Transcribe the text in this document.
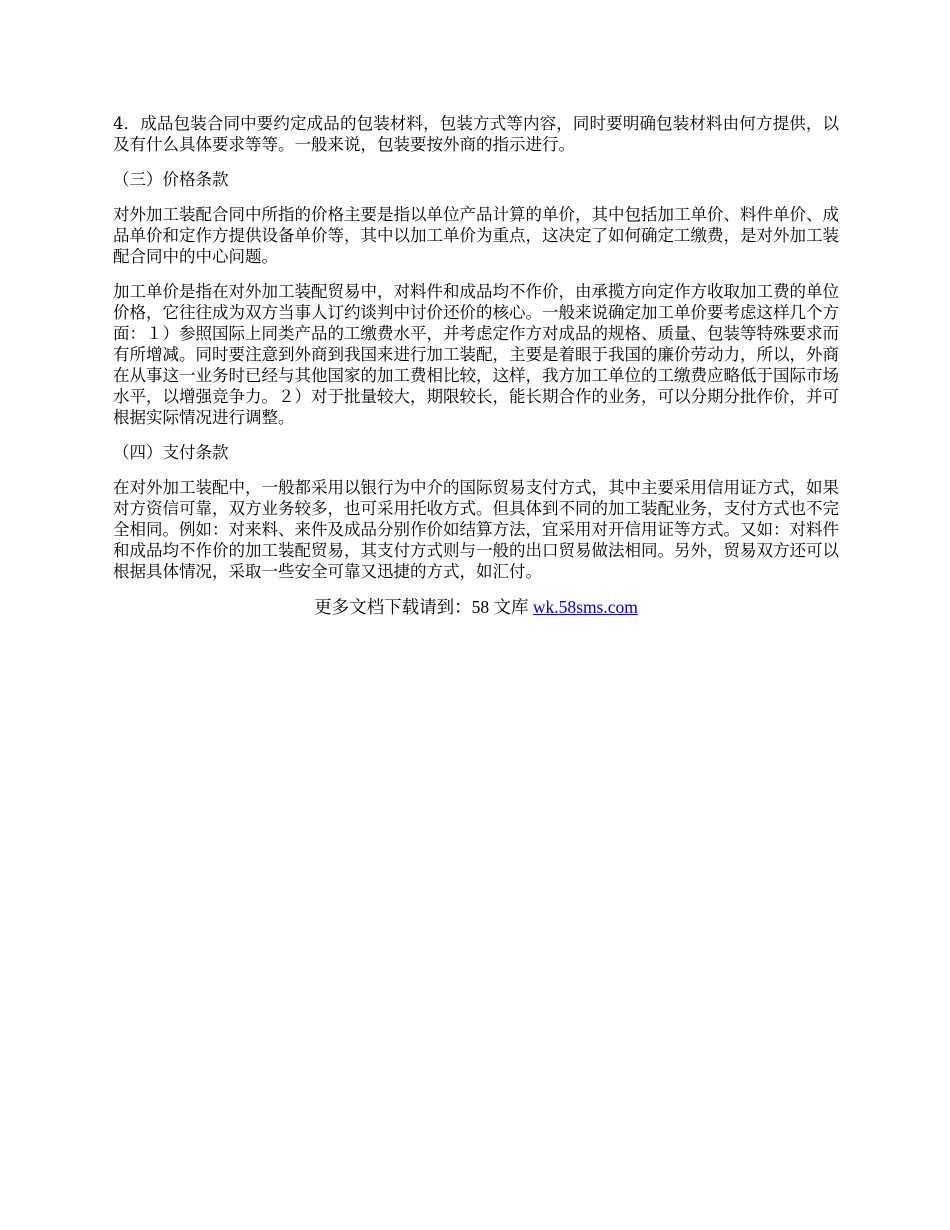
4．成品包装合同中要约定成品的包装材料，包装方式等内容，同时要明确包装材料由何方提供，以及有什么具体要求等等。一般来说，包装要按外商的指示进行。

（三）价格条款

对外加工装配合同中所指的价格主要是指以单位产品计算的单价，其中包括加工单价、料件单价、成品单价和定作方提供设备单价等，其中以加工单价为重点，这决定了如何确定工缴费，是对外加工装配合同中的中心问题。

加工单价是指在对外加工装配贸易中，对料件和成品均不作价，由承揽方向定作方收取加工费的单位价格，它往往成为双方当事人订约谈判中讨价还价的核心。一般来说确定加工单价要考虑这样几个方面：１）参照国际上同类产品的工缴费水平，并考虑定作方对成品的规格、质量、包装等特殊要求而有所增减。同时要注意到外商到我国来进行加工装配，主要是着眼于我国的廉价劳动力，所以，外商在从事这一业务时已经与其他国家的加工费相比较，这样，我方加工单位的工缴费应略低于国际市场水平，以增强竞争力。２）对于批量较大，期限较长，能长期合作的业务，可以分期分批作价，并可根据实际情况进行调整。

（四）支付条款

在对外加工装配中，一般都采用以银行为中介的国际贸易支付方式，其中主要采用信用证方式，如果对方资信可靠，双方业务较多，也可采用托收方式。但具体到不同的加工装配业务，支付方式也不完全相同。例如：对来料、来件及成品分别作价如结算方法，宜采用对开信用证等方式。又如：对料件和成品均不作价的加工装配贸易，其支付方式则与一般的出口贸易做法相同。另外，贸易双方还可以根据具体情况，采取一些安全可靠又迅捷的方式，如汇付。

更多文档下载请到：58 文库 wk.58sms.com
